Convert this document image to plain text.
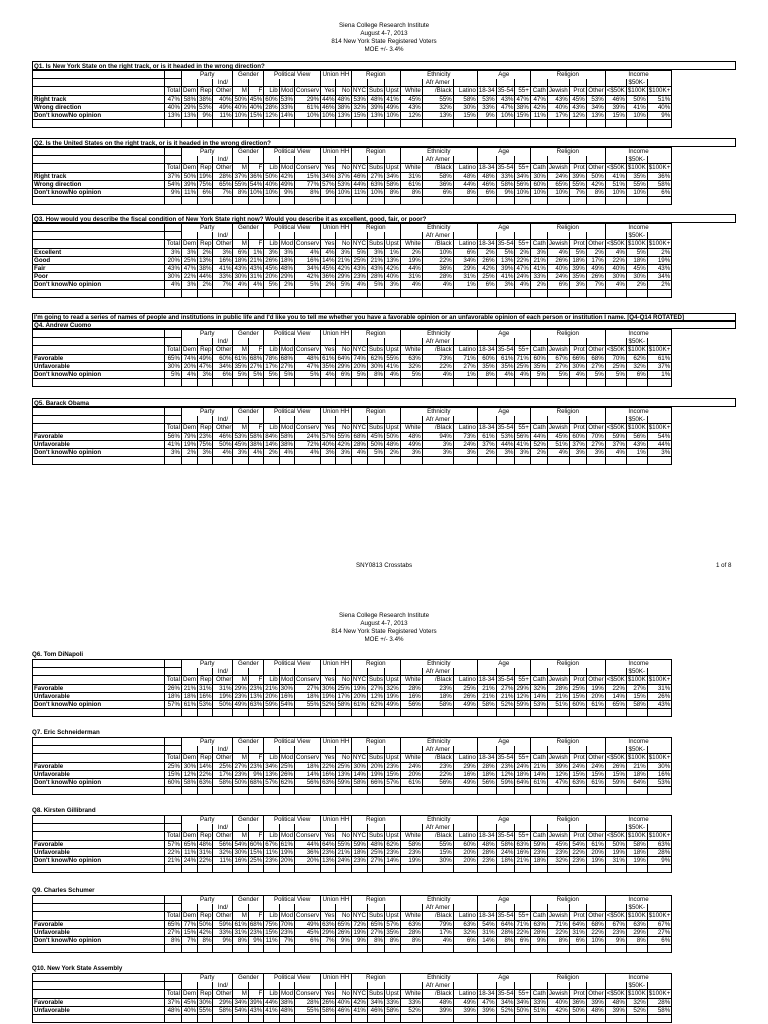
Siena College Research Institute
August 4-7, 2013
814 New York State Registered Voters
MOE +/- 3.4%
Q1. Is New York State on the right track, or is it headed in the wrong direction?
		Party			Gender		Political View			Union HH		Region			Ethnicity			Age			Religion				Income		
				Ind/												Afr Amer										$50K-	
	Total	Dem	Rep	Other	M	F	Lib	Mod	Conserv	Yes	No	NYC	Subs	Upst	White	/Black	Latino	18-34	35-54	55+	Cath	Jewish	Prot	Other	<$50K	$100K	$100K+
Right track	47%	58%	38%	40%	50%	45%	60%	53%	29%	44%	48%	53%	48%	41%	45%	55%	58%	53%	43%	47%	47%	43%	45%	53%	46%	50%	51%
Wrong direction	40%	29%	53%	49%	40%	40%	28%	33%	61%	46%	38%	32%	39%	49%	43%	32%	30%	33%	47%	38%	42%	40%	43%	34%	39%	41%	40%
Don't know/No opinion	13%	13%	9%	11%	10%	15%	12%	14%	10%	10%	13%	15%	13%	10%	12%	13%	15%	9%	10%	15%	11%	17%	12%	13%	15%	10%	9%

Q2. Is the United States on the right track, or is it headed in the wrong direction?
		Party			Gender		Political View			Union HH		Region			Ethnicity			Age			Religion				Income		
				Ind/												Afr Amer										$50K-	
	Total	Dem	Rep	Other	M	F	Lib	Mod	Conserv	Yes	No	NYC	Subs	Upst	White	/Black	Latino	18-34	35-54	55+	Cath	Jewish	Prot	Other	<$50K	$100K	$100K+
Right track	37%	50%	19%	28%	37%	36%	50%	42%	15%	34%	37%	46%	27%	34%	31%	58%	48%	48%	33%	34%	30%	24%	39%	50%	41%	35%	36%
Wrong direction	54%	39%	75%	65%	55%	54%	40%	49%	77%	57%	53%	44%	63%	58%	61%	36%	44%	46%	58%	56%	60%	65%	55%	42%	51%	55%	58%
Don't know/No opinion	9%	11%	6%	7%	8%	10%	10%	9%	8%	9%	10%	11%	10%	8%	8%	6%	8%	6%	9%	10%	10%	10%	7%	8%	10%	10%	6%

Q3. How would you describe the fiscal condition of New York State right now? Would you describe it as excellent, good, fair, or poor?
		Party			Gender		Political View			Union HH		Region			Ethnicity			Age			Religion				Income		
				Ind/												Afr Amer										$50K-	
	Total	Dem	Rep	Other	M	F	Lib	Mod	Conserv	Yes	No	NYC	Subs	Upst	White	/Black	Latino	18-34	35-54	55+	Cath	Jewish	Prot	Other	<$50K	$100K	$100K+
Excellent	3%	3%	2%	3%	6%	1%	3%	3%	4%	4%	3%	5%	3%	1%	2%	10%	6%	2%	5%	2%	3%	4%	5%	2%	4%	5%	2%
Good	20%	25%	13%	16%	18%	21%	26%	18%	16%	14%	21%	25%	21%	13%	19%	22%	34%	26%	13%	22%	21%	26%	18%	17%	22%	18%	19%
Fair	43%	47%	38%	41%	43%	43%	45%	48%	34%	45%	42%	43%	43%	42%	44%	36%	29%	42%	39%	47%	41%	40%	39%	49%	40%	45%	43%
Poor	30%	22%	44%	33%	30%	31%	20%	29%	42%	36%	29%	23%	28%	40%	31%	28%	31%	25%	41%	24%	33%	24%	35%	26%	30%	30%	34%
Don't know/No opinion	4%	3%	2%	7%	4%	4%	5%	2%	5%	2%	5%	4%	5%	3%	4%	4%	1%	6%	3%	4%	2%	6%	3%	7%	4%	2%	2%

Q4. Andrew Cuomo
		Party			Gender		Political View			Union HH		Region			Ethnicity			Age			Religion				Income		
				Ind/												Afr Amer										$50K-	
	Total	Dem	Rep	Other	M	F	Lib	Mod	Conserv	Yes	No	NYC	Subs	Upst	White	/Black	Latino	18-34	35-54	55+	Cath	Jewish	Prot	Other	<$50K	$100K	$100K+
Favorable	65%	74%	49%	60%	61%	68%	78%	68%	48%	61%	64%	74%	62%	55%	63%	73%	71%	60%	61%	71%	60%	67%	66%	68%	70%	62%	61%
Unfavorable	30%	20%	47%	34%	35%	27%	17%	27%	47%	35%	29%	20%	30%	41%	32%	22%	27%	35%	35%	25%	35%	27%	30%	27%	25%	32%	37%
Don't know/No opinion	5%	4%	3%	6%	5%	5%	5%	5%	5%	4%	6%	5%	8%	4%	5%	4%	1%	8%	4%	4%	5%	5%	4%	5%	5%	6%	1%

Q5. Barack Obama
		Party			Gender		Political View			Union HH		Region			Ethnicity			Age			Religion				Income		
				Ind/												Afr Amer										$50K-	
	Total	Dem	Rep	Other	M	F	Lib	Mod	Conserv	Yes	No	NYC	Subs	Upst	White	/Black	Latino	18-34	35-54	55+	Cath	Jewish	Prot	Other	<$50K	$100K	$100K+
Favorable	56%	79%	23%	46%	53%	58%	84%	58%	24%	57%	55%	68%	45%	50%	48%	94%	73%	61%	53%	56%	44%	45%	60%	70%	59%	56%	54%
Unfavorable	41%	19%	75%	50%	45%	38%	14%	38%	72%	40%	42%	28%	50%	48%	49%	3%	24%	37%	44%	41%	52%	51%	37%	27%	37%	43%	44%
Don't know/No opinion	3%	2%	3%	4%	3%	4%	2%	4%	4%	3%	3%	4%	5%	2%	3%	3%	3%	2%	3%	3%	2%	4%	3%	3%	4%	1%	3%

I'm going to read a series of names of people and institutions in public life and I'd like you to tell me whether you have a favorable opinion or an unfavorable opinion of each person or institution I name. [Q4-Q14 ROTATED]
SNY0813 Crosstabs	1 of 8
Siena College Research Institute
August 4-7, 2013
814 New York State Registered Voters
MOE +/- 3.4%
Q6. Tom DiNapoli
		Party			Gender		Political View			Union HH		Region			Ethnicity			Age			Religion				Income		
				Ind/												Afr Amer										$50K-	
	Total	Dem	Rep	Other	M	F	Lib	Mod	Conserv	Yes	No	NYC	Subs	Upst	White	/Black	Latino	18-34	35-54	55+	Cath	Jewish	Prot	Other	<$50K	$100K	$100K+
Favorable	26%	21%	31%	31%	29%	23%	21%	30%	27%	30%	25%	19%	27%	32%	28%	23%	25%	21%	27%	29%	32%	28%	25%	19%	22%	27%	31%
Unfavorable	18%	18%	16%	19%	23%	13%	20%	16%	18%	19%	17%	20%	12%	19%	16%	18%	26%	21%	21%	12%	14%	21%	15%	20%	14%	15%	26%
Don't know/No opinion	57%	61%	53%	50%	49%	63%	59%	54%	55%	52%	58%	61%	62%	49%	56%	58%	49%	58%	52%	59%	53%	51%	60%	61%	65%	58%	43%

Q7. Eric Schneiderman
		Party			Gender		Political View			Union HH		Region			Ethnicity			Age			Religion				Income		
				Ind/												Afr Amer										$50K-	
	Total	Dem	Rep	Other	M	F	Lib	Mod	Conserv	Yes	No	NYC	Subs	Upst	White	/Black	Latino	18-34	35-54	55+	Cath	Jewish	Prot	Other	<$50K	$100K	$100K+
Favorable	25%	30%	14%	25%	27%	23%	34%	25%	18%	22%	25%	30%	20%	23%	24%	23%	29%	28%	23%	24%	21%	39%	24%	24%	26%	21%	30%
Unfavorable	15%	12%	22%	17%	23%	9%	13%	26%	14%	16%	13%	14%	19%	15%	20%	22%	16%	18%	12%	18%	14%	12%	15%	15%	15%	18%	16%
Don't know/No opinion	60%	58%	63%	58%	50%	68%	57%	62%	56%	63%	59%	58%	66%	57%	61%	56%	49%	56%	59%	64%	61%	47%	63%	61%	59%	64%	53%

Q8. Kirsten Gillibrand
		Party			Gender		Political View			Union HH		Region			Ethnicity			Age			Religion				Income		
				Ind/												Afr Amer										$50K-	
	Total	Dem	Rep	Other	M	F	Lib	Mod	Conserv	Yes	No	NYC	Subs	Upst	White	/Black	Latino	18-34	35-54	55+	Cath	Jewish	Prot	Other	<$50K	$100K	$100K+
Favorable	57%	65%	48%	56%	54%	60%	67%	61%	44%	64%	55%	59%	48%	62%	58%	55%	60%	48%	58%	63%	59%	45%	54%	61%	50%	58%	63%
Unfavorable	22%	11%	31%	32%	30%	15%	11%	19%	36%	23%	21%	18%	25%	23%	23%	15%	20%	28%	24%	16%	23%	23%	22%	20%	19%	18%	28%
Don't know/No opinion	21%	24%	22%	11%	16%	25%	23%	20%	20%	13%	24%	23%	27%	14%	19%	30%	20%	23%	18%	21%	18%	32%	23%	19%	31%	19%	9%

Q9. Charles Schumer
		Party			Gender		Political View			Union HH		Region			Ethnicity			Age			Religion				Income		
				Ind/												Afr Amer										$50K-	
	Total	Dem	Rep	Other	M	F	Lib	Mod	Conserv	Yes	No	NYC	Subs	Upst	White	/Black	Latino	18-34	35-54	55+	Cath	Jewish	Prot	Other	<$50K	$100K	$100K+
Favorable	65%	77%	50%	59%	61%	68%	75%	70%	49%	63%	65%	72%	65%	57%	63%	79%	63%	54%	64%	71%	63%	71%	64%	68%	67%	63%	67%
Unfavorable	27%	15%	42%	33%	31%	23%	15%	23%	45%	29%	26%	19%	27%	35%	28%	17%	32%	31%	28%	22%	28%	22%	31%	22%	23%	29%	27%
Don't know/No opinion	8%	7%	8%	9%	8%	9%	11%	7%	6%	7%	9%	9%	8%	8%	8%	4%	6%	14%	8%	6%	9%	8%	6%	10%	9%	8%	6%

Q10. New York State Assembly
		Party			Gender		Political View			Union HH		Region			Ethnicity			Age			Religion				Income		
				Ind/												Afr Amer										$50K-	
	Total	Dem	Rep	Other	M	F	Lib	Mod	Conserv	Yes	No	NYC	Subs	Upst	White	/Black	Latino	18-34	35-54	55+	Cath	Jewish	Prot	Other	<$50K	$100K	$100K+
Favorable	37%	45%	30%	29%	34%	39%	44%	38%	28%	26%	40%	42%	34%	33%	33%	48%	49%	47%	34%	34%	33%	40%	36%	39%	48%	32%	28%
Unfavorable	48%	40%	55%	58%	54%	43%	41%	48%	55%	58%	46%	41%	46%	58%	52%	39%	39%	39%	52%	50%	51%	42%	50%	48%	39%	52%	58%
